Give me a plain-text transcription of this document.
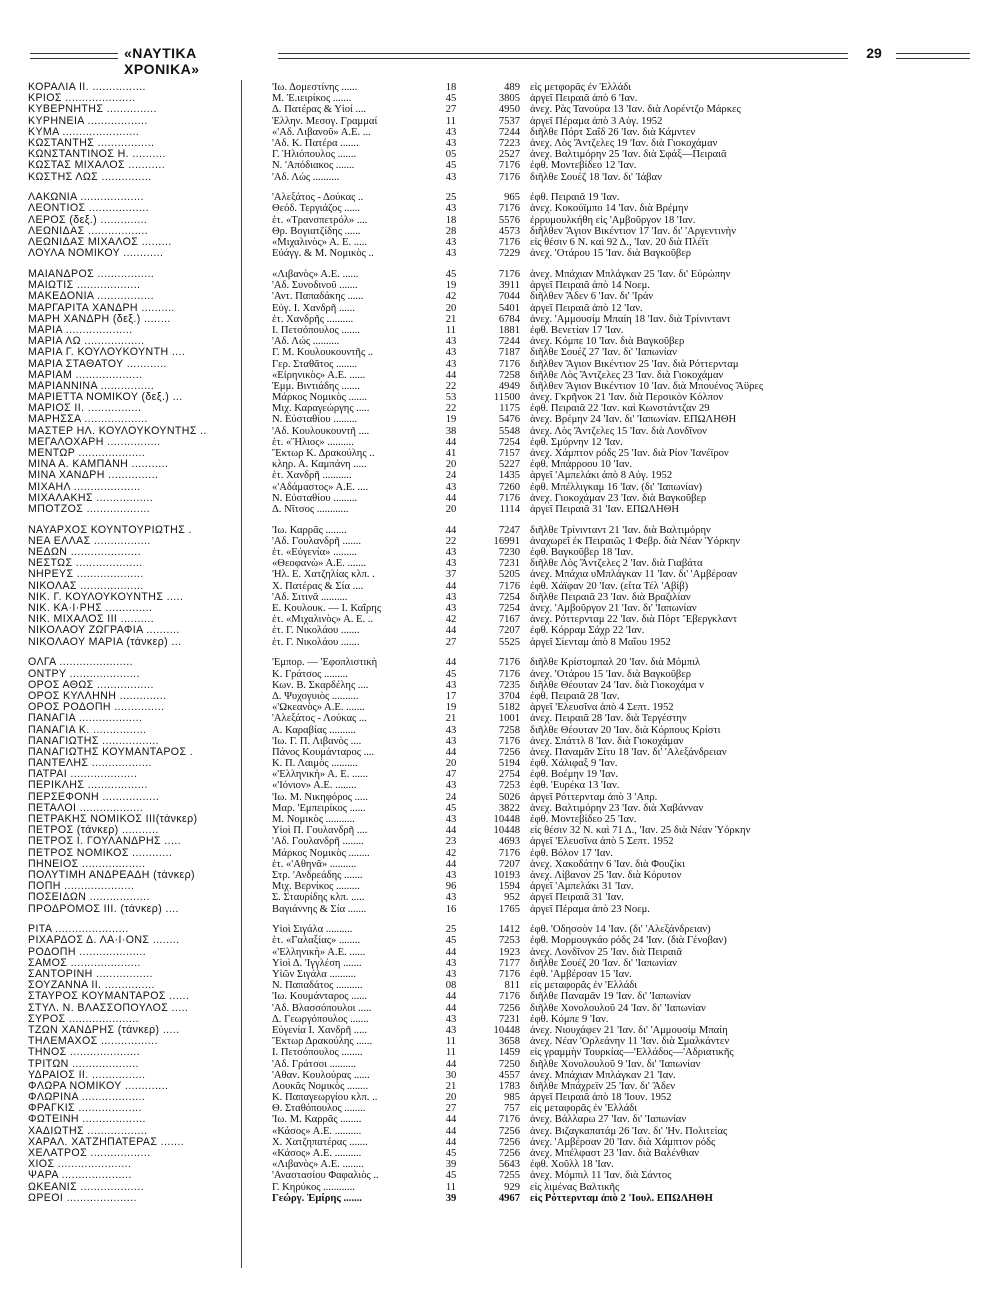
«ΝΑΥΤΙΚΑ ΧΡΟΝΙΚΑ»
29
ΚΟΡΑΛΙΑ ΙΙ. ................	'Ιω. Δομεστίνης ......	18	489 εἰς μετφορᾶς ἐν Ἑλλάδι
ΚΡΙΟΣ .....................	Μ. Ἐ.ιειρίκος .......	45	3805 ἀργεῖ Πειραιᾶ ἀπὸ 6 'Ιαν.
ΚΥΒΕΡΝΗΤΗΣ ...............	Δ. Πατέρας & Υἱοί ....	27	4950 ἀνεχ. Ρὰς Τανούρα 13 'Ιαν. διὰ Λορέντζο Μάρκες
ΚΥΡΗΝΕΙΑ ..................	Ἑλλην. Μεσογ. Γραμμαί	11	7537 ἀργεῖ Πέραμα ἀπὸ 3 Αὐγ. 1952
ΚΥΜΑ .......................	«'Αδ. Λιβανοῦ» Α.Ε. ...	43	7244 διῆλθε Πόρτ Σαΐδ 26 'Ιαν. διὰ Κάμντεν
ΚΩΣΤΑΝΤΗΣ .................	'Αδ. Κ. Πατέρα .......	43	7223 ἀνεχ. Λὸς Ἄντζελες 19 'Ιαν. διὰ Γιοκοχάμαν
ΚΩΝΣΤΑΝΤΙΝΟΣ Η. ..........	Γ. Ἡλιόπουλος .......	05	2527 ἀνεχ. Βαλτιμόρην 25 'Ιαν. διὰ Σφάξ—Πειραιᾶ
ΚΩΣΤΑΣ ΜΙΧΑΛΟΣ ...........	Ν. 'Απόδιακος .......	45	7176 ἐφθ. Μοντεβίδεο 12 'Ιαν.
ΚΩΣΤΗΣ ΛΩΣ ...............	'Αδ. Λώς ..........	43	7176 διῆλθε Σουέζ 18 'Ιαν. δι' Ἰάβαν
ΛΑΚΩΝΙΑ ...................	'Αλεξάτος - Δούκας ..	25	965 ἐφθ. Πειραιᾶ 19 'Ιαν.
ΛΕΟΝΤΙΟΣ ..................	Θεόδ. Τεργιάζος ......	43	7176 ἀνεχ. Κοκούϊμπο 14 'Ιαν. διὰ Βρέμην
ΛΕΡΟΣ (δεξ.) ..............	ἑτ. «Τρανσπετρόλ» ....	18	5576 ἐρρυμουλκήθη εἰς 'Αμβοῦργον 18 'Ιαν.
ΛΕΩΝΙΔΑΣ ..................	Θρ. Βογιατζίδης ......	28	4573 διῆλθεν Ἅγιον Βικέντιον 17 'Ιαν. δι' 'Αργεντινὴν
ΛΕΩΝΙΔΑΣ ΜΙΧΑΛΟΣ .........	«Μιχαλινὸς» Α. Ε. .....	43	7176 εἰς θέσιν 6 Ν. καὶ 92 Δ., 'Ιαν. 20 διὰ Πλέϊτ
ΛΟΥΛΑ ΝΟΜΙΚΟΥ ............	Εὐάγγ. & Μ. Νομικὸς ..	43	7229 ἀνεχ. 'Οτάρου 15 'Ιαν. διὰ Βαγκοῦβερ
ΜΑΙΑΝΔΡΟΣ .................	«Λιβανὸς» Α.Ε. ......	45	7176 ἀνεχ. Μπάχιαν Μπλάγκαν 25 'Ιαν. δι' Εὐρώπην
ΜΑΙΩΤΙΣ ...................	'Αδ. Συνοδινοῦ .......	19	3911 ἀργεῖ Πειραιᾶ ἀπὸ 14 Νοεμ.
ΜΑΚΕΔΟΝΙΑ .................	'Αντ. Παπαδάκης ......	42	7044 διῆλθεν Ἄδεν 6 'Ιαν. δι' 'Ιράν
ΜΑΡΓΑΡΙΤΑ ΧΑΝΔΡΗ ..........	Εὐγ. Ι. Χανδρῆ ......	20	5401 ἀργεῖ Πειραιᾶ ἀπὸ 12 'Ιαν.
ΜΑΡΗ ΧΑΝΔΡΗ (δεξ.) ........	ἑτ. Χανδρῆς ..........	21	6784 ἀνεχ. 'Αμμουσίμ Μπαίη 18 'Ιαν. διὰ Τρίνινταντ
ΜΑΡΙΑ ....................	Ι. Πετσόπουλος .......	11	1881 ἐφθ. Βενετίαν 17 'Ιαν.
ΜΑΡΙΑ ΛΩ ..................	'Αδ. Λώς ..........	43	7244 ἀνεχ. Κόμπε 10 'Ιαν. διὰ Βαγκοῦβερ
ΜΑΡΙΑ Γ. ΚΟΥΛΟΥΚΟΥΝΤΗ ....	Γ. Μ. Κουλουκουντῆς ..	43	7187 διῆλθε Σουέζ 27 'Ιαν. δι' 'Ιαπωνίαν
ΜΑΡΙΑ ΣΤΑΘΑΤΟΥ ............	Γερ. Σταθᾶτος ........	43	7176 διῆλθεν Ἅγιον Βικέντιον 25 'Ιαν. διὰ Ρόττερνταμ
ΜΑΡΙΑΜ ....................	«Εἰρηνικὸς» Α.Ε. ......	44	7258 διῆλθε Λὸς Ἄντζελες 23 'Ιαν. διὰ Γιοκοχάμαν
ΜΑΡΙΑΝΝΙΝΑ ................	Ἐμμ. Βιντιάδης .......	22	4949 διῆλθεν Ἅγιον Βικέντιον 10 'Ιαν. διὰ Μπουένος Ἄϋρες
ΜΑΡΙΕΤΤΑ ΝΟΜΙΚΟΥ (δεξ.) ...	Μάρκος Νομικὸς .......	53	11500 ἀνεχ. Γκρῆνοκ 21 'Ιαν. διὰ Περσικὸν Κόλπον
ΜΑΡΙΟΣ ΙΙ. ................	Μιχ. Καραγεώργης .....	22	1175 ἐφθ. Πειραιᾶ 22 'Ιαν. καὶ Κωνστάντζαν 29
ΜΑΡΗΣΣΑ ...................	Ν. Εὐσταθίου .........	19	5476 ἀνεχ. Βρέμην 24 'Ιαν. δι' 'Ιαπωνίαν. ΕΠΩΛΗΘΗ
ΜΑΣΤΕΡ ΗΛ. ΚΟΥΛΟΥΚΟΥΝΤΗΣ ..	'Αδ. Κουλουκουντῆ ....	38	5548 ἀνεχ. Λὸς Ἄντζελες 15 'Ιαν. διὰ Λονδῖνον
ΜΕΓΑΛΟΧΑΡΗ ................	ἑτ. «Ἥλιος» ..........	44	7254 ἐφθ. Σμύρνην 12 'Ιαν.
ΜΕΝΤΩΡ ....................	Ἕκτωρ Κ. Δρακούλης ..	41	7157 ἀνεχ. Χάμπτον ρόδς 25 'Ιαν. διὰ Ρίον 'Ιανέϊρον
ΜΙΝΑ Α. ΚΑΜΠΑΝΗ ...........	κληρ. Α. Καμπάνη .....	20	5227 ἐφθ. Μπάρροου 10 'Ιαν.
ΜΙΝΑ ΧΑΝΔΡΗ ...............	ἑτ. Χανδρῆ ...........	24	1435 ἀργεῖ 'Αμπελάκι ἀπὸ 8 Αὐγ. 1952
ΜΙΧΑΗΛ ....................	«'Αδάμαστος» Α.Ε. ....	43	7260 ἐφθ. Μπέλλιγκαμ 16 'Ιαν. (δι' 'Ιαπωνίαν)
ΜΙΧΑΛΑΚΗΣ .................	Ν. Εὐσταθίου .........	44	7176 ἀνεχ. Γιοκοχάμαν 23 'Ιαν. διὰ Βαγκοῦβερ
ΜΠΟΤΖΟΣ ...................	Δ. Νῖτσος ............	20	1114 ἀργεῖ Πειραιᾶ 31 'Ιαν. ΕΠΩΛΗΘΗ
ΝΑΥΑΡΧΟΣ ΚΟΥΝΤΟΥΡΙΩΤΗΣ .	'Ιω. Καρρᾶς ........	44	7247 διῆλθε Τρίνινταντ 21 'Ιαν. διὰ Βαλτιμόρην
ΝΕΑ ΕΛΛΑΣ .................	'Αδ. Γουλανδρῆ .......	22	16991 ἀναχωρεῖ ἐκ Πειραιῶς 1 Φεβρ. διὰ Νέαν Ὑόρκην
ΝΕΔΩΝ .....................	ἑτ. «Εὐγενία» .........	43	7230 ἐφθ. Βαγκοῦβερ 18 'Ιαν.
ΝΕΣΤΩΣ ....................	«Θεοφανὼ» Α.Ε. .......	43	7231 διῆλθε Λὸς Ἄντζελες 2 'Ιαν. διὰ Γιαβάτα
ΝΗΡΕΥΣ ....................	'Ηλ. Ε. Χατζηλίας κλπ. .	37	5205 ἀνεχ. Μπάχια υΜπλάγκαν 11 'Ιαν. δι' 'Αμβέρσαν
ΝΙΚΟΛΑΣ ...................	Χ. Πατέρας & Σία ....	44	7176 ἐφθ. Χάϊφαν 20 'Ιαν. (εἶτα Τέλ 'Αβίβ)
ΝΙΚ. Γ. ΚΟΥΛΟΥΚΟΥΝΤΗΣ .....	'Αδ. Σιτινᾶ ..........	43	7254 διῆλθε Πειραιᾶ 23 'Ιαν. διὰ Βραζιλίαν
ΝΙΚ. ΚΑ·Ι·ΡΗΣ ..............	Ε. Κουλουκ. — Ι. Καΐρης	43	7254 ἀνεχ. 'Αμβοῦργον 21 'Ιαν. δι' 'Ιαπωνίαν
ΝΙΚ. ΜΙΧΑΛΟΣ ΙΙΙ ..........	ἑτ. «Μιχαλινὸς» Α. Ε. ..	42	7167 ἀνεχ. Ρόττερνταμ 22 'Ιαν. διὰ Πόρτ Ἔβεργκλαντ
ΝΙΚΟΛΑΟΥ ΖΩΓΡΑΦΙΑ ..........	ἑτ. Γ. Νικολάου .......	44	7207 ἐφθ. Κόρραμ Σάχρ 22 'Ιαν.
ΝΙΚΟΛΑΟΥ ΜΑΡΙΑ (τάνκερ) ...	ἑτ. Γ. Νικολάου .......	27	5525 ἀργεῖ Σίενταμ ἀπὸ 8 Μαΐου 1952
ΟΛΓΑ ......................	'Εμπορ. — 'Εφοπλιστικὴ	44	7176 διῆλθε Κρίστομπαλ 20 'Ιαν. διὰ Μόμπιλ
ΟΝΤΡΥ .....................	Κ. Γράτσος .........	45	7176 ἀνεχ. 'Οτάρου 15 'Ιαν. διὰ Βαγκοῦβερ
ΟΡΟΣ ΑΘΩΣ .................	Κων. Β. Σκαρδέλης ....	43	7235 διῆλθε Θέουταν 24 'Ιαν. διὰ Γιοκοχάμα ν
ΟΡΟΣ ΚΥΛΛΗΝΗ ..............	Δ. Ψυχογυιὸς ..........	17	3704 ἐφθ. Πειραιᾶ 28 'Ιαν.
ΟΡΟΣ ΡΟΔΟΠΗ ...............	«'Ωκεανὸς» Α.Ε. .......	19	5182 ἀργεῖ 'Ελευσῖνα ἀπὸ 4 Σεπτ. 1952
ΠΑΝΑΓΙΑ ...................	'Αλεξάτος - Λούκας ...	21	1001 ἀνεχ. Πειραιᾶ 28 'Ιαν. διὰ Τεργέστην
ΠΑΝΑΓΙΑ Κ. ................	Α. Καραβίας ..........	43	7258 διῆλθε Θέουταν 20 'Ιαν. διὰ Κόρπους Κρίστι
ΠΑΝΑΓΙΩΤΗΣ .................	'Ιω. Γ. Π. Λιβανὸς ....	43	7176 ἀνεχ. Σπάττλ 8 'Ιαν. διὰ Γιοκοχάμαν
ΠΑΝΑΓΙΩΤΗΣ ΚΟΥΜΑΝΤΑΡΟΣ .	Πάνος Κουμάνταρος ....	44	7256 ἀνεχ. Παναμᾶν Σίτυ 18 'Ιαν. δι' 'Αλεξάνδρειαν
ΠΑΝΤΕΛΗΣ ..................	Κ. Π. Λαιμὸς ..........	20	5194 ἐφθ. Χάλιφαξ 9 'Ιαν.
ΠΑΤΡΑΙ ....................	«'Ελληνικὴ» Α. Ε. ......	47	2754 ἐφθ. Βοέμην 19 'Ιαν.
ΠΕΡΙΚΛΗΣ ..................	«'Ιόνιον» Α.Ε. ........	43	7253 ἐφθ. 'Ευρέκα 13 'Ιαν.
ΠΕΡΣΕΦΟΝΗ .................	'Ιω. Μ. Νικηφόρος .....	24	5026 ἀργεῖ Ρόττερνταμ ἀπὸ 3 'Απρ.
ΠΕΤΑΛΟΙ ...................	Μαρ. 'Εμπειρίκος ......	45	3822 ἀνεχ. Βαλτιμόρην 23 'Ιαν. διὰ Χαβάνναν
ΠΕΤΡΑΚΗΣ ΝΟΜΙΚΟΣ ΙΙΙ(τάνκερ)	Μ. Νομικὸς ...........	43	10448 ἐφθ. Μοντεβίδεο 25 'Ιαν.
ΠΕΤΡΟΣ (τάνκερ) ...........	Υἱοὶ Π. Γουλανδρῆ ....	44	10448 εἰς θέσιν 32 Ν. καὶ 71 Δ., 'Ιαν. 25 διὰ Νέαν Ὑόρκην
ΠΕΤΡΟΣ Ι. ΓΟΥΛΑΝΔΡΗΣ .....	'Αδ. Γουλανδρῆ ........	23	4693 ἀργεῖ 'Ελευσῖνα ἀπὸ 5 Σεπτ. 1952
ΠΕΤΡΟΣ ΝΟΜΙΚΟΣ ............	Μάρκος Νομικὸς ........	42	7176 ἐφθ. Βόλον 17 'Ιαν.
ΠΗΝΕΙΟΣ ...................	ἑτ. «'Αθηνᾶ» ..........	44	7207 ἀνεχ. Χακοδάτην 6 'Ιαν. διὰ Φουζίκι
ΠΟΛΥΤΙΜΗ ΑΝΔΡΕΑΔΗ (τάνκερ)	Στρ. 'Ανδρεάδης .......	43	10193 ἀνεχ. Λίβανον 25 'Ιαν. διὰ Κόρυτον
ΠΟΠΗ .....................	Μιχ. Βερνίκος .........	96	1594 ἀργεῖ 'Αμπελάκι 31 'Ιαν.
ΠΟΣΕΙΔΩΝ ..................	Σ. Σταυρίδης κλπ. .....	43	952 ἀργεῖ Πειραιᾶ 31 'Ιαν.
ΠΡΟΔΡΟΜΟΣ ΙΙΙ. (τάνκερ) ....	Βαγιάννης & Σία .......	16	1765 ἀργεῖ Πέραμα ἀπὸ 23 Νοεμ.
ΡΙΤΑ ......................	Υἱοὶ Σιγάλα ..........	25	1412 ἐφθ. 'Οδησσὸν 14 'Ιαν. (δι' 'Αλεξάνδρειαν)
ΡΙΧΑΡΔΟΣ Δ. ΛΑ·Ι·ΟΝΣ ........	ἑτ. «Γαλαξίας» ........	45	7253 ἐφθ. Μορμουγκάο ρόδς 24 'Ιαν. (διὰ Γένοβαν)
ΡΟΔΟΠΗ ....................	«'Ελληνικὴ» Α.Ε. ......	44	1923 ἀνεχ. Λονδῖνον 25 'Ιαν. διὰ Πειραιᾶ
ΣΑΜΟΣ .....................	Υἱοὶ Δ. 'Ιγγλέση .......	43	7177 διῆλθε Σουέζ 20 'Ιαν. δι' 'Ιαπωνίαν
ΣΑΝΤΟΡΙΝΗ .................	Υἱῶν Σιγάλα ..........	43	7176 ἐφθ. 'Αμβέρσαν 15 'Ιαν.
ΣΟΥΖΑΝΝΑ ΙΙ. ...............	Ν. Παπαδάτος ..........	08	811 εἰς μεταφορᾶς ἐν 'Ελλάδι
ΣΤΑΥΡΟΣ ΚΟΥΜΑΝΤΑΡΟΣ ......	'Ιω. Κουμάνταρος ......	44	7176 διῆλθε Παναμᾶν 19 'Ιαν. δι' 'Ιαπωνίαν
ΣΤΥΛ. Ν. ΒΛΑΣΣΟΠΟΥΛΟΣ .....	'Αδ. Βλασσόπουλοι .....	44	7256 διῆλθε Χονολουλοῦ 24 'Ιαν. δι' 'Ιαπωνίαν
ΣΥΡΟΣ .....................	Δ. Γεωργόπουλος .......	43	7231 ἐφθ. Κόμπε 9 'Ιαν.
ΤΖΩΝ ΧΑΝΔΡΗΣ (τάνκερ) .....	Εὐγενία Ι. Χανδρῆ .....	43	10448 ἀνεχ. Νιουχάφεν 21 'Ιαν. δι' 'Αμμουσίμ Μπαίη
ΤΗΛΕΜΑΧΟΣ .................	Ἕκτωρ Δρακούλης ......	11	3658 ἀνεχ. Νέαν 'Ορλεάνην 11 'Ιαν. διὰ Σμαλκάντεν
ΤΗΝΟΣ .....................	Ι. Πετσόπουλος ........	11	1459 εἰς γραμμὴν Τουρκίας—'Ελλάδος—'Αδριατικῆς
ΤΡΙΤΩΝ ....................	'Αδ. Γράτσοι ..........	44	7250 διῆλθε Χονολουλοῦ 9 'Ιαν. δι' 'Ιαπωνίαν
ΥΔΡΑΙΟΣ ΙΙ. ................	'Αθαν. Κουλούρας ......	30	4557 ἀνεχ. Μπάχιαν Μπλάγκαν 21 'Ιαν.
ΦΛΩΡΑ ΝΟΜΙΚΟΥ .............	Λουκᾶς Νομικὸς ........	21	1783 διῆλθε Μπάχρεϊν 25 'Ιαν. δι' Ἄδεν
ΦΛΩΡΙΝΑ ...................	Κ. Παπαγεωργίου κλπ. ..	20	985 ἀργεῖ Πειραιᾶ ἀπὸ 18 'Ιουν. 1952
ΦΡΑΓΚΙΣ ...................	Θ. Σταθόπουλος ........	27	757 εἰς μεταφορᾶς ἐν 'Ελλάδι
ΦΩΤΕΙΝΗ ...................	'Ιω. Μ. Καρρᾶς ........	44	7176 ἀνεχ. Βάλλαρω 27 'Ιαν. δι' 'Ιαπωνίαν
ΧΑΔΙΩΤΗΣ ..................	«Κάσος» Α.Ε. ..........	44	7256 ἀνεχ. Βιζαγκαπατάμ 26 'Ιαν. δι' 'Ην. Πολιτείας
ΧΑΡΑΛ. ΧΑΤΖΗΠΑΤΕΡΑΣ .......	Χ. Χατζηπατέρας .......	44	7256 ἀνεχ. 'Αμβέρσαν 20 'Ιαν. διὰ Χάμπτον ρόδς
ΧΕΛΑΤΡΟΣ ..................	«Κάσος» Α.Ε. ..........	45	7256 ἀνεχ. Μπέλφαστ 23 'Ιαν. διὰ Βαλένθιαν
ΧΙΟΣ ......................	«Λιβανὸς» Α.Ε. ........	39	5643 ἐφθ. Χοῦλλ 18 'Ιαν.
ΨΑΡΑ .....................	'Αναστασίου Φαφαλιὸς ..	45	7255 ἀνεχ. Μόμπιλ 11 'Ιαν. διὰ Σάντος
ΩΚΕΑΝΙΣ ...................	Γ. Κηρύκος ............	11	929 εἰς λιμένας Βαλτικῆς
ΩΡΕΟΙ .....................	Γεώργ. Ἐμίρης .......	39	4967 εἰς Ρόττερνταμ ἀπὸ 2 'Ιουλ. ΕΠΩΛΗΘΗ
